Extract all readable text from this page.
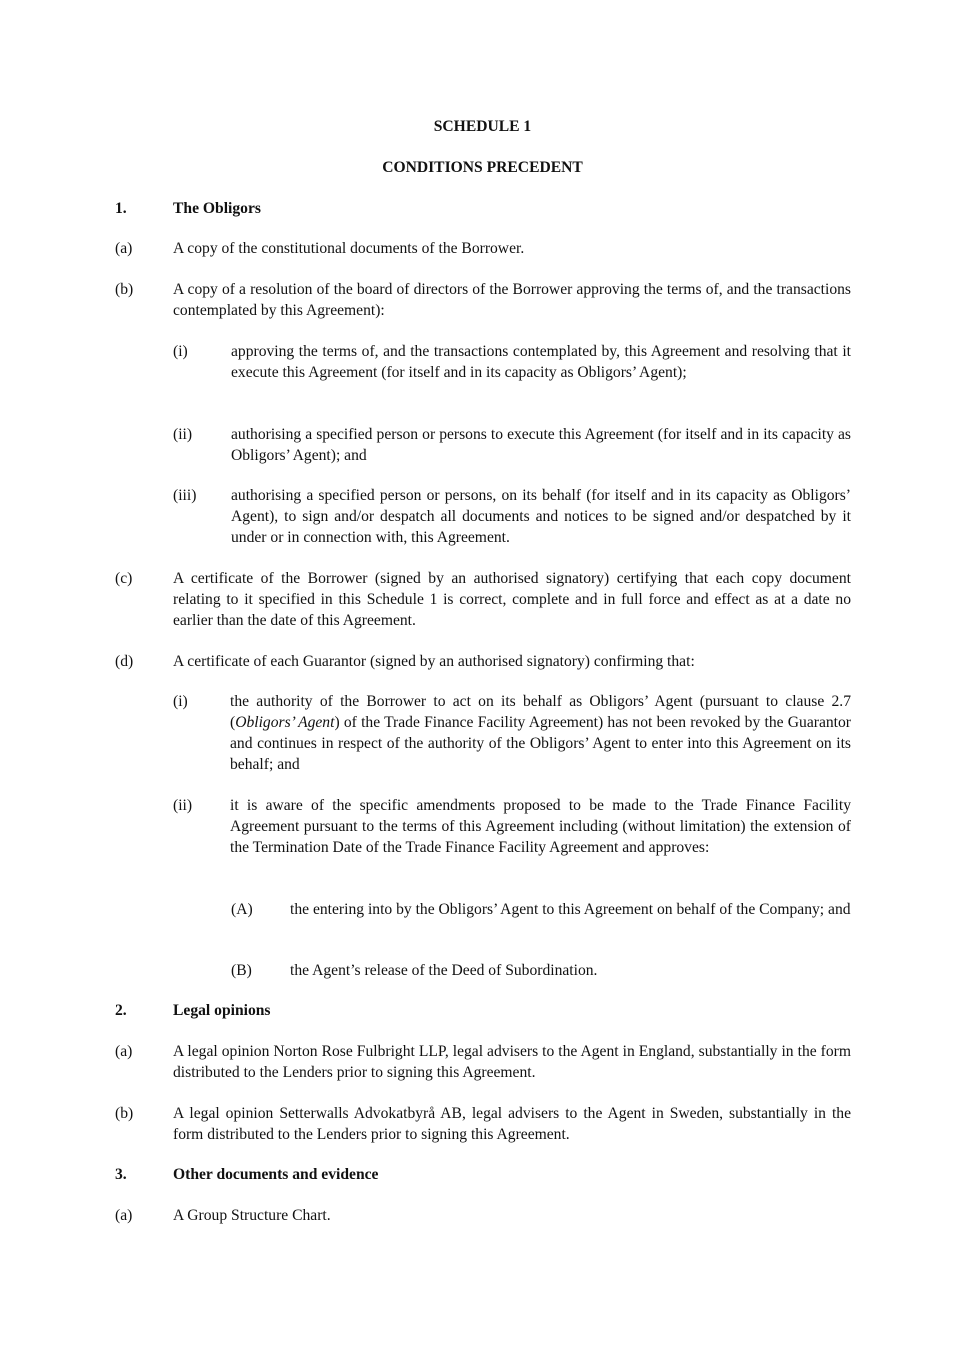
SCHEDULE 1

CONDITIONS PRECEDENT

1.	The Obligors

(a)	A copy of the constitutional documents of the Borrower.

(b)	A copy of a resolution of the board of directors of the Borrower approving the terms of, and the transactions contemplated by this Agreement):

(i)	approving the terms of, and the transactions contemplated by, this Agreement and resolving that it execute this Agreement (for itself and in its capacity as Obligors’ Agent);

(ii) authorising a specified person or persons to execute this Agreement (for itself and in its capacity as Obligors’ Agent); and

(iii) authorising a specified person or persons, on its behalf (for itself and in its capacity as Obligors’ Agent), to sign and/or despatch all documents and notices to be signed and/or despatched by it under or in connection with, this Agreement.

(c)	A certificate of the Borrower (signed by an authorised signatory) certifying that each copy document relating to it specified in this Schedule 1 is correct, complete and in full force and effect as at a date no earlier than the date of this Agreement.

(d)	A certificate of each Guarantor (signed by an authorised signatory) confirming that:

(i)	the authority of the Borrower to act on its behalf as Obligors’ Agent (pursuant to clause 2.7 (Obligors’ Agent) of the Trade Finance Facility Agreement) has not been revoked by the Guarantor and continues in respect of the authority of the Obligors’ Agent to enter into this Agreement on its behalf; and

(ii) it is aware of the specific amendments proposed to be made to the Trade Finance Facility Agreement pursuant to the terms of this Agreement including (without limitation) the extension of the Termination Date of the Trade Finance Facility Agreement and approves:

(A) the entering into by the Obligors’ Agent to this Agreement on behalf of the Company; and

(B) the Agent’s release of the Deed of Subordination.

2.	Legal opinions

(a)	A legal opinion Norton Rose Fulbright LLP, legal advisers to the Agent in England, substantially in the form distributed to the Lenders prior to signing this Agreement.

(b)	A legal opinion Setterwalls Advokatbyrå AB, legal advisers to the Agent in Sweden, substantially in the form distributed to the Lenders prior to signing this Agreement.

3.	Other documents and evidence

(a)	A Group Structure Chart.
